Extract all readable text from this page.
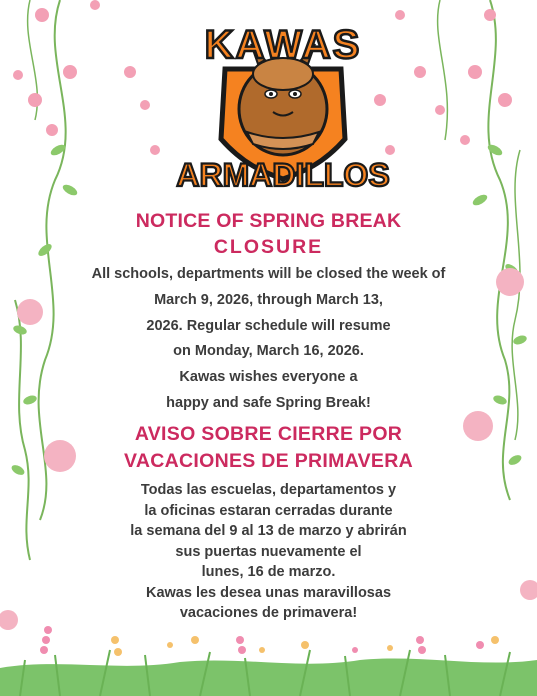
KAWAS
ARMADILLOS
NOTICE OF SPRING BREAK
CLOSURE
All schools, departments will be closed the week of
March 9, 2026, through March 13,
2026. Regular schedule will resume
on Monday, March 16, 2026.
Kawas wishes everyone a
happy and safe Spring Break!
AVISO SOBRE CIERRE POR
VACACIONES DE PRIMAVERA
Todas las escuelas, departamentos y
la oficinas estaran cerradas durante
la semana del 9 al 13 de marzo y abrirán
sus puertas nuevamente el
lunes, 16 de marzo.
Kawas les desea unas maravillosas
vacaciones de primavera!
